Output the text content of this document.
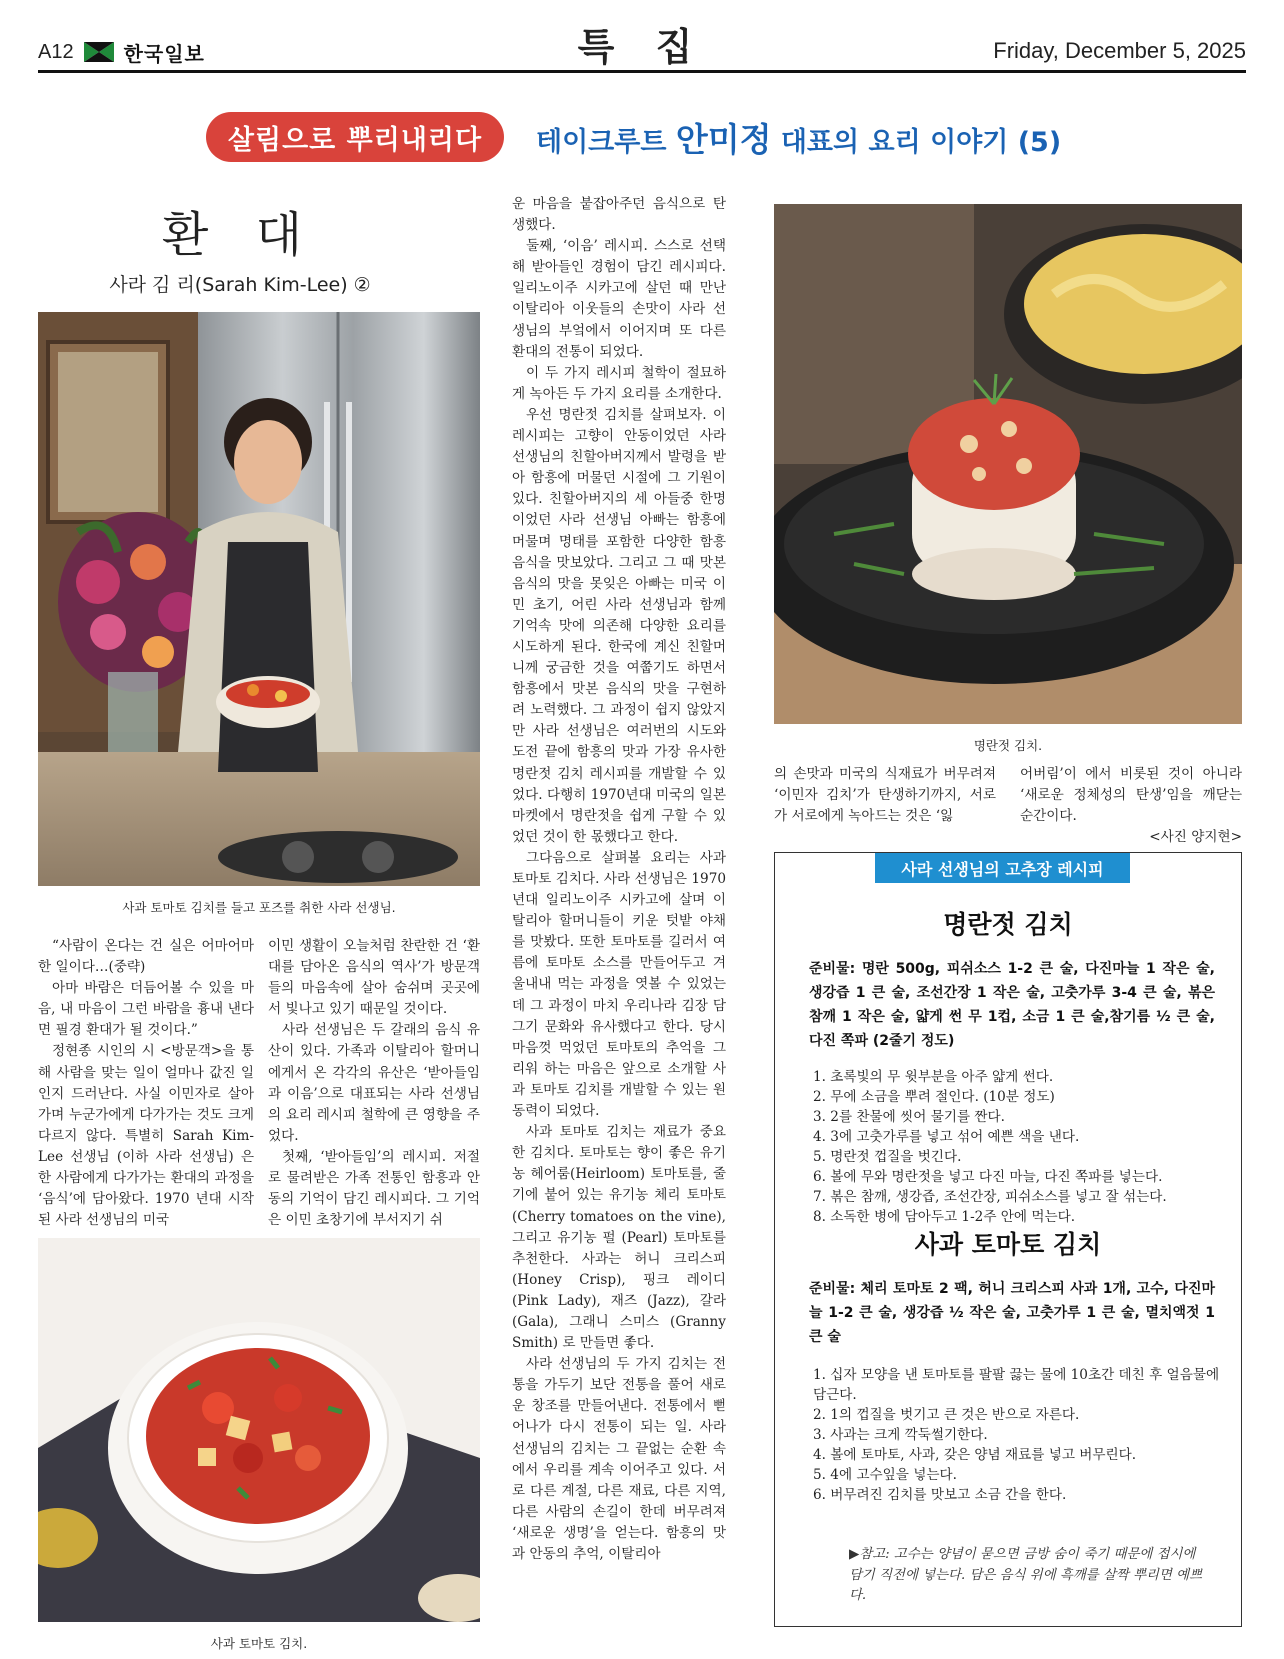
A12	한국일보	특 집	Friday, December 5, 2025
살림으로 뿌리내리다	테이크루트 안미정 대표의 요리 이야기 (5)
환 대
사라 김 리(Sarah Kim-Lee) ②
사과 토마토 김치를 들고 포즈를 취한 사라 선생님.

“사람이 온다는 건 실은 어마어마한 일이다…(중략)

아마 바람은 더듬어볼 수 있을 마음, 내 마음이 그런 바람을 흉내 낸다면 필경 환대가 될 것이다.”

정현종 시인의 시 <방문객>을 통해 사람을 맞는 일이 얼마나 값진 일인지 드러난다. 사실 이민자로 살아가며 누군가에게 다가가는 것도 크게 다르지 않다. 특별히 Sarah Kim-Lee 선생님 (이하 사라 선생님) 은 한 사람에게 다가가는 환대의 과정을 ‘음식’에 담아왔다. 1970 년대 시작된 사라 선생님의 미국

이민 생활이 오늘처럼 찬란한 건 ‘환대를 담아온 음식의 역사’가 방문객들의 마음속에 살아 숨쉬며 곳곳에서 빛나고 있기 때문일 것이다.

사라 선생님은 두 갈래의 음식 유산이 있다. 가족과 이탈리아 할머니에게서 온 각각의 유산은 ‘받아들임과 이음’으로 대표되는 사라 선생님의 요리 레시피 철학에 큰 영향을 주었다.

첫째, ‘받아들임’의 레시피. 저절로 물려받은 가족 전통인 함흥과 안동의 기억이 담긴 레시피다. 그 기억은 이민 초창기에 부서지기 쉬

사과 토마토 김치.

운 마음을 붙잡아주던 음식으로 탄생했다.

둘째, ‘이음’ 레시피. 스스로 선택해 받아들인 경험이 담긴 레시피다. 일리노이주 시카고에 살던 때 만난 이탈리아 이웃들의 손맛이 사라 선생님의 부엌에서 이어지며 또 다른 환대의 전통이 되었다.

이 두 가지 레시피 철학이 절묘하게 녹아든 두 가지 요리를 소개한다.

우선 명란젓 김치를 살펴보자. 이 레시피는 고향이 안동이었던 사라 선생님의 친할아버지께서 발령을 받아 함흥에 머물던 시절에 그 기원이 있다. 친할아버지의 세 아들중 한명이었던 사라 선생님 아빠는 함흥에 머물며 명태를 포함한 다양한 함흥 음식을 맛보았다. 그리고 그 때 맛본 음식의 맛을 못잊은 아빠는 미국 이민 초기, 어린 사라 선생님과 함께 기억속 맛에 의존해 다양한 요리를 시도하게 된다. 한국에 계신 친할머니께 궁금한 것을 여쭙기도 하면서 함흥에서 맛본 음식의 맛을 구현하려 노력했다. 그 과정이 쉽지 않았지만 사라 선생님은 여러번의 시도와 도전 끝에 함흥의 맛과 가장 유사한 명란젓 김치 레시피를 개발할 수 있었다. 다행히 1970년대 미국의 일본 마켓에서 명란젓을 쉽게 구할 수 있었던 것이 한 몫했다고 한다.

그다음으로 살펴볼 요리는 사과 토마토 김치다. 사라 선생님은 1970 년대 일리노이주 시카고에 살며 이탈리아 할머니들이 키운 텃밭 야채를 맛봤다. 또한 토마토를 길러서 여름에 토마토 소스를 만들어두고 겨울내내 먹는 과정을 엿볼 수 있었는데 그 과정이 마치 우리나라 김장 담그기 문화와 유사했다고 한다. 당시 마음껏 먹었던 토마토의 추억을 그리워 하는 마음은 앞으로 소개할 사과 토마토 김치를 개발할 수 있는 원동력이 되었다.

사과 토마토 김치는 재료가 중요한 김치다. 토마토는 향이 좋은 유기농 헤어룸(Heirloom) 토마토를, 줄기에 붙어 있는 유기농 체리 토마토 (Cherry tomatoes on the vine), 그리고 유기농 펄 (Pearl) 토마토를 추천한다. 사과는 허니 크리스피 (Honey Crisp), 핑크 레이디 (Pink Lady), 재즈 (Jazz), 갈라 (Gala), 그래니 스미스 (Granny Smith) 로 만들면 좋다.

사라 선생님의 두 가지 김치는 전통을 가두기 보단 전통을 풀어 새로운 창조를 만들어낸다. 전통에서 뻗어나가 다시 전통이 되는 일. 사라 선생님의 김치는 그 끝없는 순환 속에서 우리를 계속 이어주고 있다. 서로 다른 계절, 다른 재료, 다른 지역, 다른 사람의 손길이 한데 버무려져 ‘새로운 생명’을 얻는다. 함흥의 맛과 안동의 추억, 이탈리아

명란젓 김치.

의 손맛과 미국의 식재료가 버무려져 ‘이민자 김치’가 탄생하기까지, 서로가 서로에게 녹아드는 것은 ‘잃

어버림’이 에서 비롯된 것이 아니라 ‘새로운 정체성의 탄생’임을 깨닫는 순간이다.

<사진 양지현>

사라 선생님의 고추장 레시피
명란젓 김치
준비물: 명란 500g, 피쉬소스 1-2 큰 술, 다진마늘 1 작은 술, 생강즙 1 큰 술, 조선간장 1 작은 술, 고춧가루 3-4 큰 술, 볶은 참깨 1 작은 술, 얇게 썬 무 1컵, 소금 1 큰 술,참기름 ½ 큰 술, 다진 쪽파 (2줄기 정도)
1. 초록빛의 무 윗부분을 아주 얇게 썬다.
2. 무에 소금을 뿌려 절인다. (10분 정도)
3. 2를 찬물에 씻어 물기를 짠다.
4. 3에 고춧가루를 넣고 섞어 예쁜 색을 낸다.
5. 명란젓 껍질을 벗긴다.
6. 볼에 무와 명란젓을 넣고 다진 마늘, 다진 쪽파를 넣는다.
7. 볶은 참깨, 생강즙, 조선간장, 피쉬소스를 넣고 잘 섞는다.
8. 소독한 병에 담아두고 1-2주 안에 먹는다.
사과 토마토 김치
준비물: 체리 토마토 2 팩, 허니 크리스피 사과 1개, 고수, 다진마늘 1-2 큰 술, 생강즙 ½ 작은 술, 고춧가루 1 큰 술, 멸치액젓 1 큰 술
1. 십자 모양을 낸 토마토를 팔팔 끓는 물에 10초간 데친 후 얼음물에 담근다.
2. 1의 껍질을 벗기고 큰 것은 반으로 자른다.
3. 사과는 크게 깍둑썰기한다.
4. 볼에 토마토, 사과, 갖은 양념 재료를 넣고 버무린다.
5. 4에 고수잎을 넣는다.
6. 버무려진 김치를 맛보고 소금 간을 한다.
▶참고: 고수는 양념이 묻으면 금방 숨이 죽기 때문에 접시에 담기 직전에 넣는다. 담은 음식 위에 흑깨를 살짝 뿌리면 예쁘다.
